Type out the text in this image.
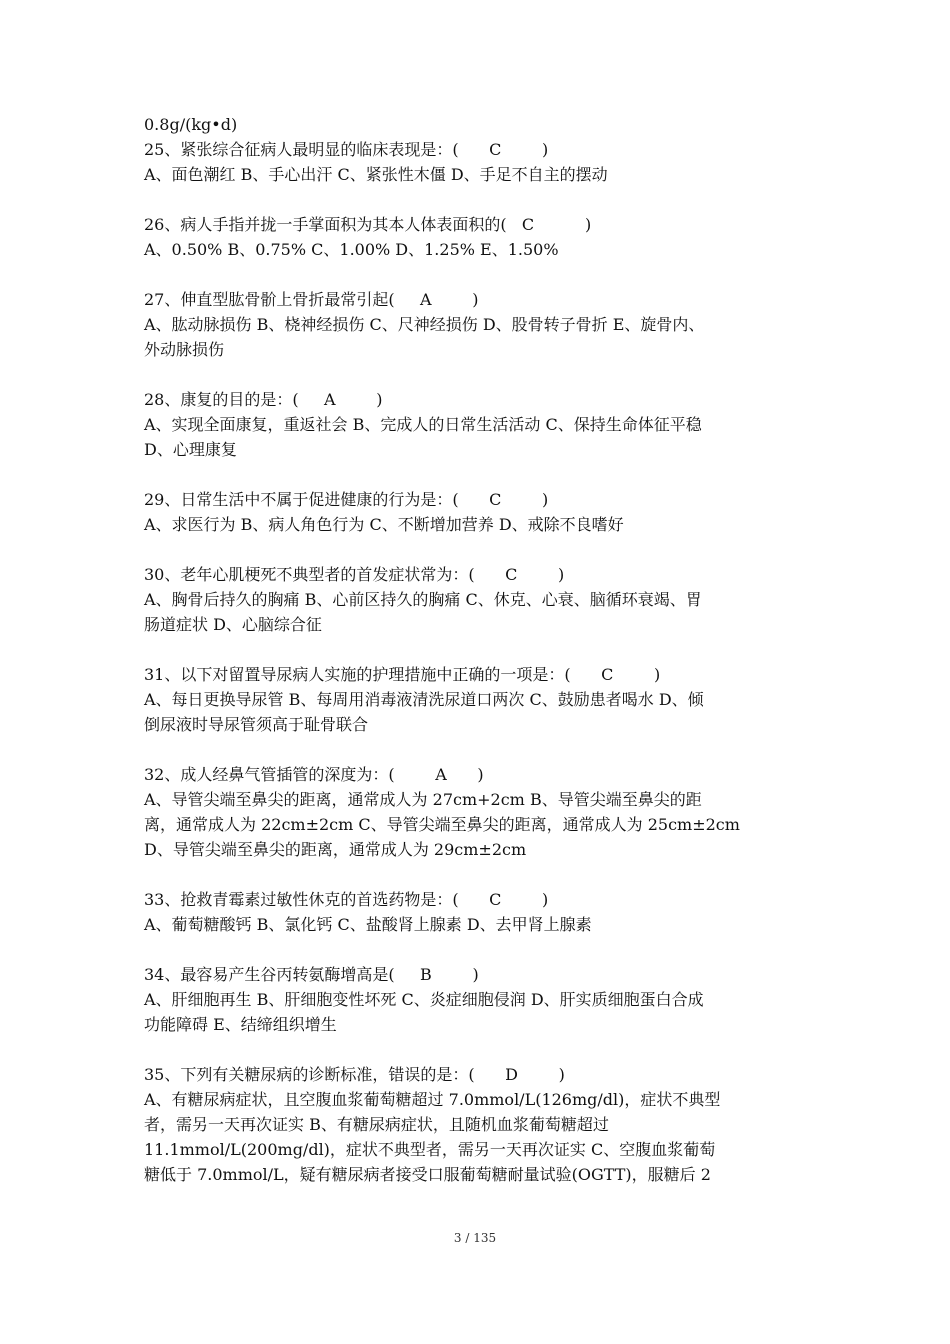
0.8g/(kg•d)
25、紧张综合征病人最明显的临床表现是：(      C        )
A、面色潮红 B、手心出汗 C、紧张性木僵 D、手足不自主的摆动
26、病人手指并拢一手掌面积为其本人体表面积的(   C          )
A、0.50% B、0.75% C、1.00% D、1.25% E、1.50%
27、伸直型肱骨骱上骨折最常引起(     A        )
A、肱动脉损伤 B、桡神经损伤 C、尺神经损伤 D、股骨转子骨折 E、旋骨内、
外动脉损伤
28、康复的目的是：(     A        )
A、实现全面康复，重返社会 B、完成人的日常生活活动 C、保持生命体征平稳
D、心理康复
29、日常生活中不属于促进健康的行为是：(      C        )
A、求医行为 B、病人角色行为 C、不断增加营养 D、戒除不良嗜好
30、老年心肌梗死不典型者的首发症状常为：(      C        )
A、胸骨后持久的胸痛 B、心前区持久的胸痛 C、休克、心衰、脑循环衰竭、胃
肠道症状 D、心脑综合征
31、以下对留置导尿病人实施的护理措施中正确的一项是：(      C        )
A、每日更换导尿管 B、每周用消毒液清洗尿道口两次 C、鼓励患者喝水 D、倾
倒尿液时导尿管须高于耻骨联合
32、成人经鼻气管插管的深度为：(        A      )
A、导管尖端至鼻尖的距离，通常成人为 27cm+2cm B、导管尖端至鼻尖的距
离，通常成人为 22cm±2cm C、导管尖端至鼻尖的距离，通常成人为 25cm±2cm
D、导管尖端至鼻尖的距离，通常成人为 29cm±2cm
33、抢救青霉素过敏性休克的首选药物是：(      C        )
A、葡萄糖酸钙 B、氯化钙 C、盐酸肾上腺素 D、去甲肾上腺素
34、最容易产生谷丙转氨酶增高是(     B        )
A、肝细胞再生 B、肝细胞变性坏死 C、炎症细胞侵润 D、肝实质细胞蛋白合成
功能障碍 E、结缔组织增生
35、下列有关糖尿病的诊断标准，错误的是：(      D        )
A、有糖尿病症状，且空腹血浆葡萄糖超过 7.0mmol/L(126mg/dl)，症状不典型
者，需另一天再次证实 B、有糖尿病症状，且随机血浆葡萄糖超过
11.1mmol/L(200mg/dl)，症状不典型者，需另一天再次证实 C、空腹血浆葡萄
糖低于 7.0mmol/L，疑有糖尿病者接受口服葡萄糖耐量试验(OGTT)，服糖后 2
3 / 135
